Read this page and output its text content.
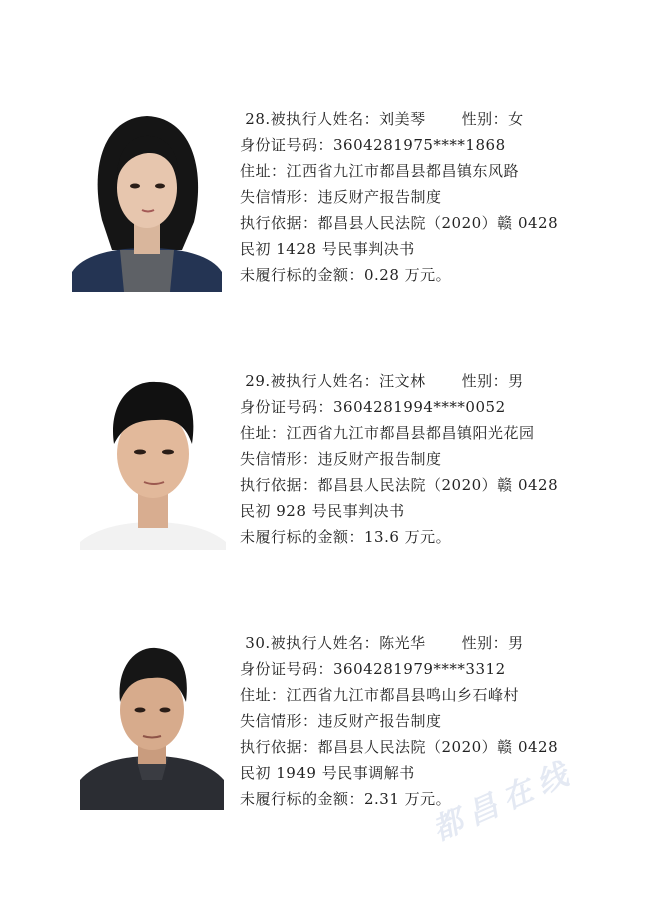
28.被执行人姓名：刘美琴 性别：女
身份证号码：3604281975****1868
住址：江西省九江市都昌县都昌镇东风路
失信情形：违反财产报告制度
执行依据：都昌县人民法院（2020）赣 0428
民初 1428 号民事判决书
未履行标的金额：0.28 万元。
29.被执行人姓名：汪文林 性别：男
身份证号码：3604281994****0052
住址：江西省九江市都昌县都昌镇阳光花园
失信情形：违反财产报告制度
执行依据：都昌县人民法院（2020）赣 0428
民初 928 号民事判决书
未履行标的金额：13.6 万元。
30.被执行人姓名：陈光华 性别：男
身份证号码：3604281979****3312
住址：江西省九江市都昌县鸣山乡石峰村
失信情形：违反财产报告制度
执行依据：都昌县人民法院（2020）赣 0428
民初 1949 号民事调解书
未履行标的金额：2.31 万元。
都昌在线
